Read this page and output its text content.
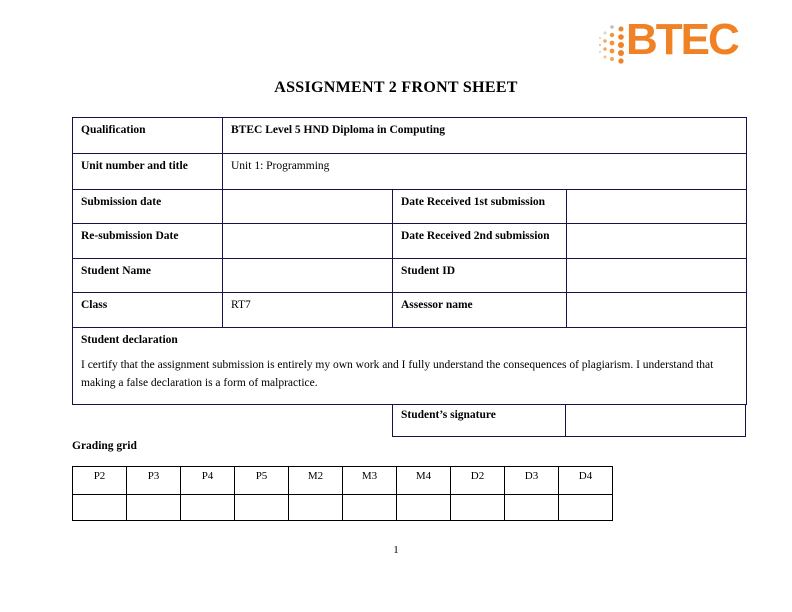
BTEC
ASSIGNMENT 2 FRONT SHEET
Qualification	BTEC Level 5 HND Diploma in Computing		
Unit number and title	Unit 1: Programming		
Submission date		Date Received 1st submission	
Re-submission Date		Date Received 2nd submission	
Student Name		Student ID	
Class	RT7	Assessor name	

Student declaration

I certify that the assignment submission is entirely my own work and I fully understand the consequences of plagiarism. I understand that making a false declaration is a form of malpractice.			

Student’s signature
Grading grid
P2	P3	P4	P5	M2	M3	M4	D2	D3	D4

1
